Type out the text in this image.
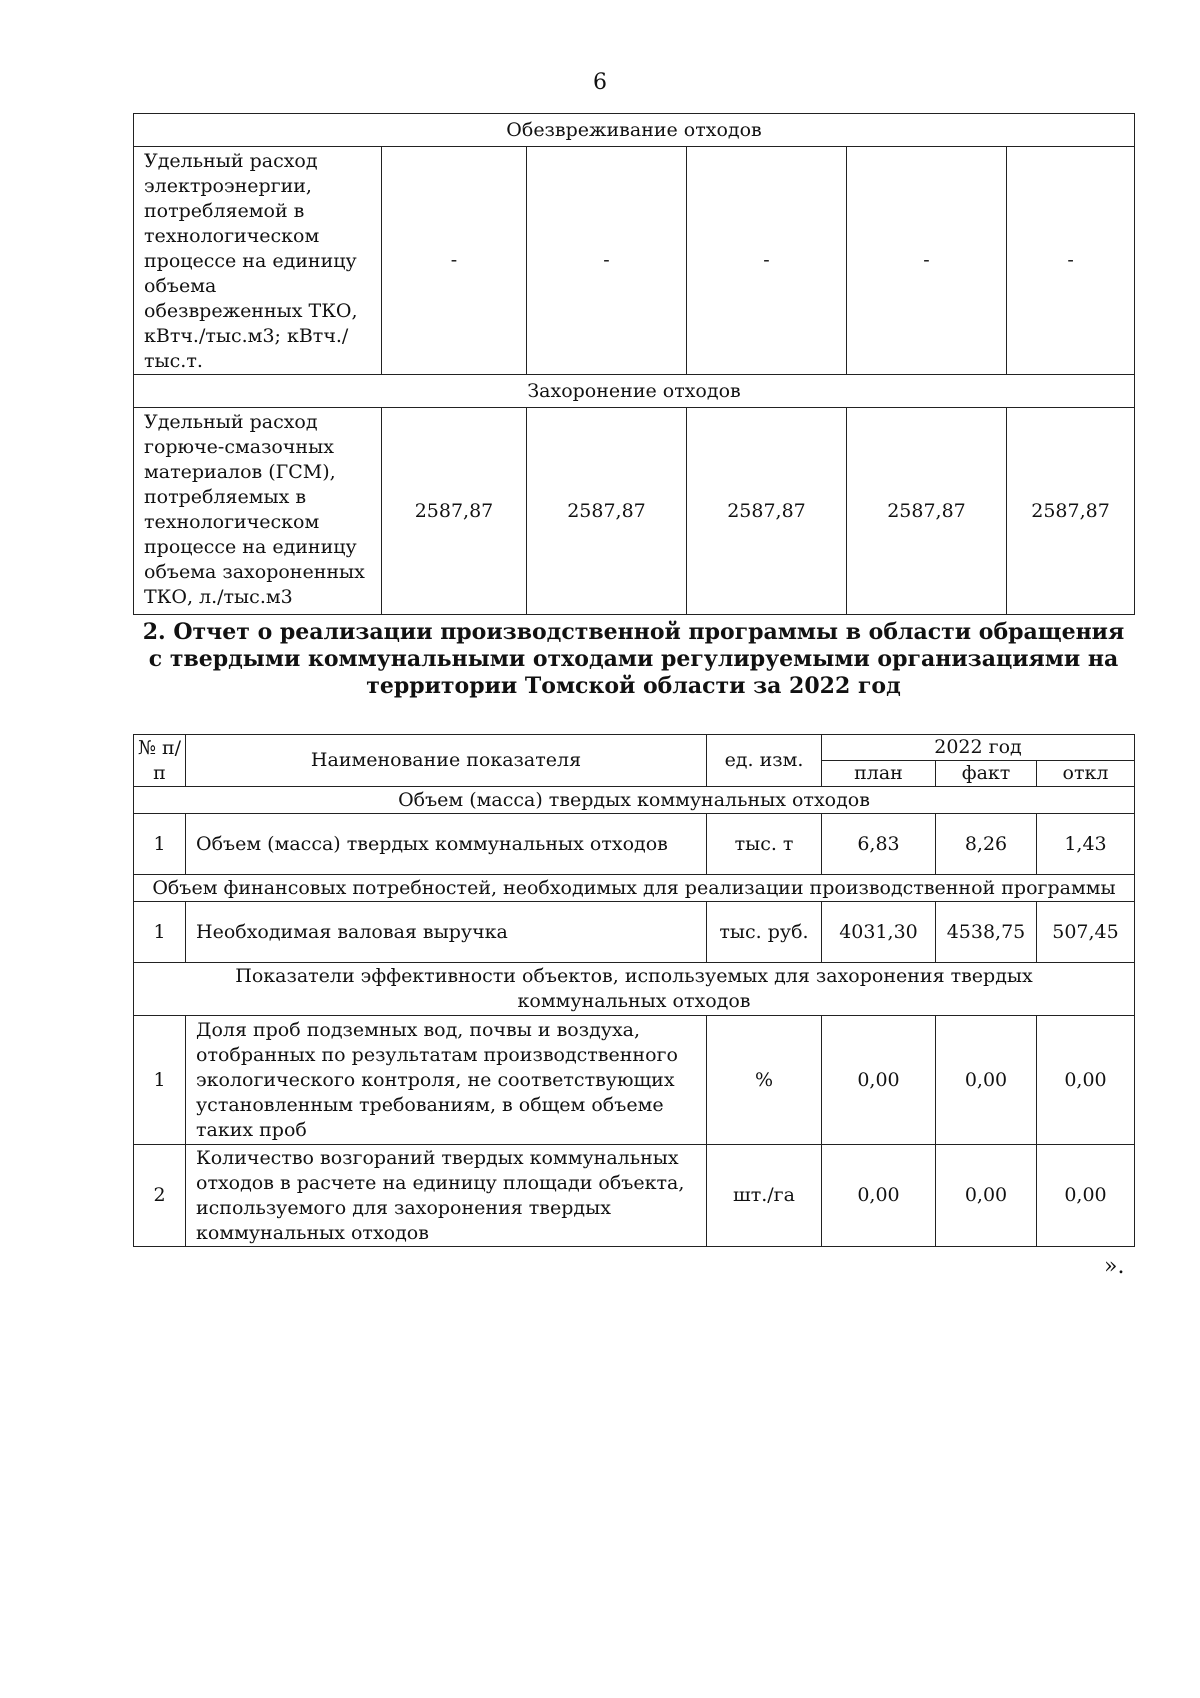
6
Обезвреживание отходов					
Удельный расход электроэнергии, потребляемой в технологическом процессе на единицу объема обезвреженных ТКО, кВтч./тыс.м3; кВтч./тыс.т.	-	-	-	-	-
Захоронение отходов					
Удельный расход горюче-смазочных материалов (ГСМ), потребляемых в технологическом процессе на единицу объема захороненных ТКО, л./тыс.м3	2587,87	2587,87	2587,87	2587,87	2587,87
2. Отчет о реализации производственной программы в области обращения с твердыми коммунальными отходами регулируемыми организациями на территории Томской области за 2022 год
№ п/п	Наименование показателя	ед. изм.	2022 год		
			план	факт	откл
Объем (масса) твердых коммунальных отходов					
1	Объем (масса) твердых коммунальных отходов	тыс. т	6,83	8,26	1,43
Объем финансовых потребностей, необходимых для реализации производственной программы					
1	Необходимая валовая выручка	тыс. руб.	4031,30	4538,75	507,45
Показатели эффективности объектов, используемых для захоронения твердых коммунальных отходов					
1	Доля проб подземных вод, почвы и воздуха, отобранных по результатам производственного экологического контроля, не соответствующих установленным требованиям, в общем объеме таких проб	%	0,00	0,00	0,00
2	Количество возгораний твердых коммунальных отходов в расчете на единицу площади объекта, используемого для захоронения твердых коммунальных отходов	шт./га	0,00	0,00	0,00
».
